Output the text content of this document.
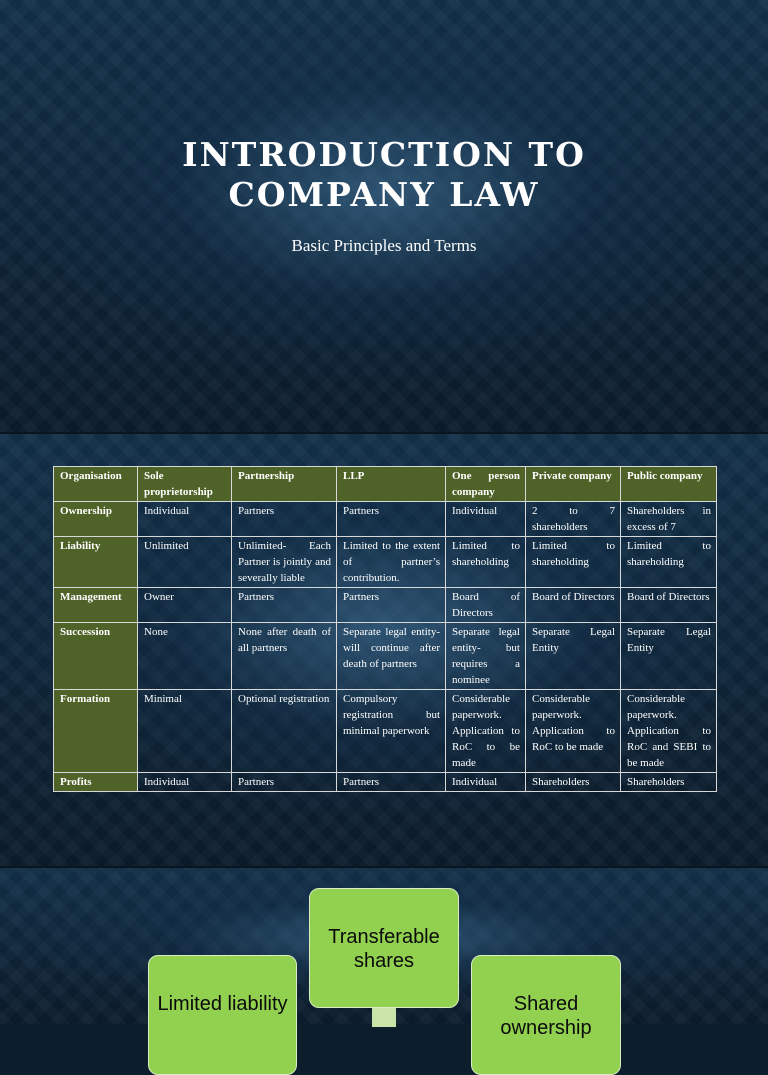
INTRODUCTION TO
COMPANY LAW
Basic Principles and Terms
Organisation	Sole proprietorship	Partnership	LLP	One person company	Private company	Public company
Ownership	Individual	Partners	Partners	Individual	2 to 7 shareholders	Shareholders in excess of 7
Liability	Unlimited	Unlimited- Each Partner is jointly and severally liable	Limited to the extent of partner’s contribution.	Limited to shareholding	Limited to shareholding	Limited to shareholding
Management	Owner	Partners	Partners	Board of Directors	Board of Directors	Board of Directors
Succession	None	None after death of all partners	Separate legal entity- will continue after death of partners	Separate legal entity- but requires a nominee	Separate Legal Entity	Separate Legal Entity
Formation	Minimal	Optional registration	Compulsory registration but minimal paperwork	Considerable paperwork. Application to RoC to be made	Considerable paperwork. Application to RoC to be made	Considerable paperwork. Application to RoC and SEBI to be made
Profits	Individual	Partners	Partners	Individual	Shareholders	Shareholders
Transferable shares
Limited liability	Shared ownership
